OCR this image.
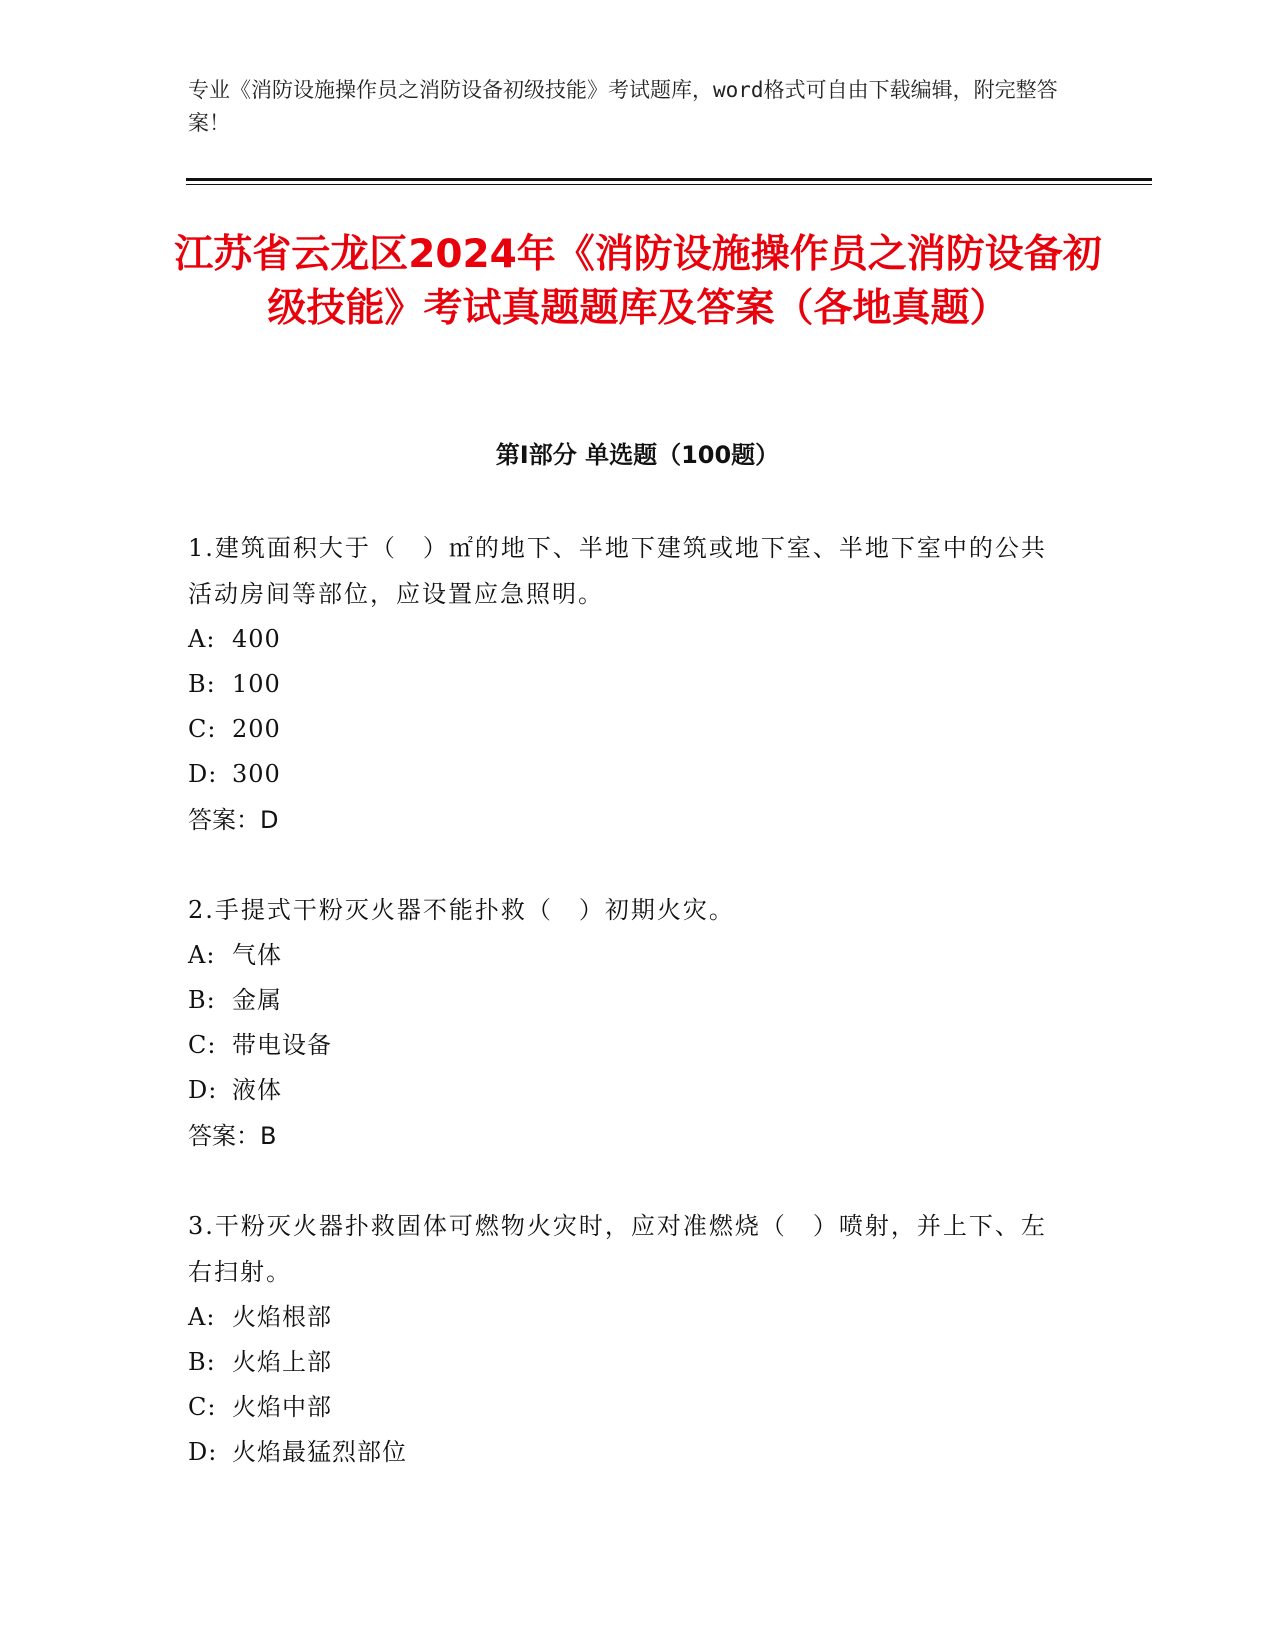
专业《消防设施操作员之消防设备初级技能》考试题库，word格式可自由下载编辑，附完整答案！
江苏省云龙区2024年《消防设施操作员之消防设备初级技能》考试真题题库及答案（各地真题）
第Ⅰ部分 单选题（100题）
1.建筑面积大于（　）㎡的地下、半地下建筑或地下室、半地下室中的公共活动房间等部位，应设置应急照明。
A: 400
B: 100
C: 200
D: 300
答案：D
2.手提式干粉灭火器不能扑救（　）初期火灾。
A: 气体
B: 金属
C: 带电设备
D: 液体
答案：B
3.干粉灭火器扑救固体可燃物火灾时，应对准燃烧（　）喷射，并上下、左右扫射。
A: 火焰根部
B: 火焰上部
C: 火焰中部
D: 火焰最猛烈部位
